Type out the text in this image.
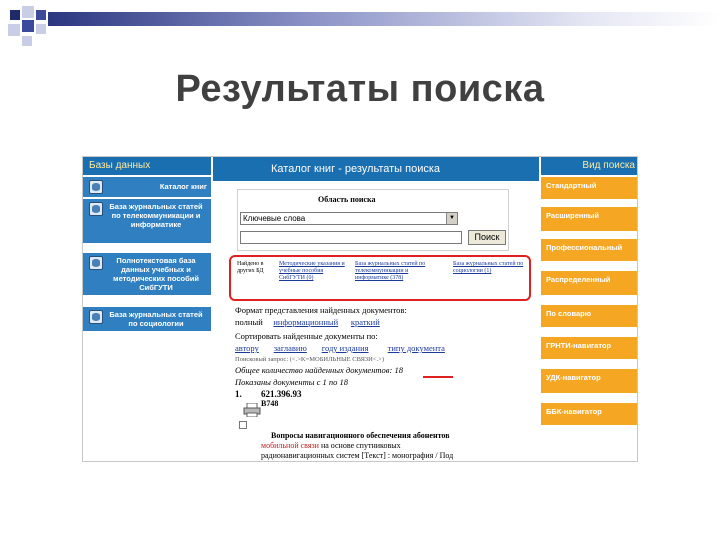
Результаты поиска
Базы данных
Каталог книг
База журнальных статей по телекоммуникации и информатике
Полнотекстовая база данных учебных и методических пособий СибГУТИ
База журнальных статей по социологии
Каталог книг - результаты поиска
Область поиска
Ключевые слова	▼
Поиск
Найдено в других БД
Методические указания и учебные пособия СибГУТИ (0)
База журнальных статей по телекоммуникации и информатике (378)
База журнальных статей по социологии (1)
Формат представления найденных документов:
полный информационный краткий
Сортировать найденные документы по:
автору заглавию году издания типу документа
Поисковый запрос: (<.>K=МОБИЛЬНЫЕ СВЯЗИ<.>)
Общее количество найденных документов: 18
Показаны документы с 1 по 18
1. 621.396.93
В748
Вопросы навигационного обеспечения абонентов
мобильной связи на основе спутниковых
радионавигационных систем [Текст] : монография / Под
Вид поиска
Стандартный
Расширенный
Профессиональный
Распределенный
По словарю
ГРНТИ-навигатор
УДК-навигатор
ББК-навигатор
